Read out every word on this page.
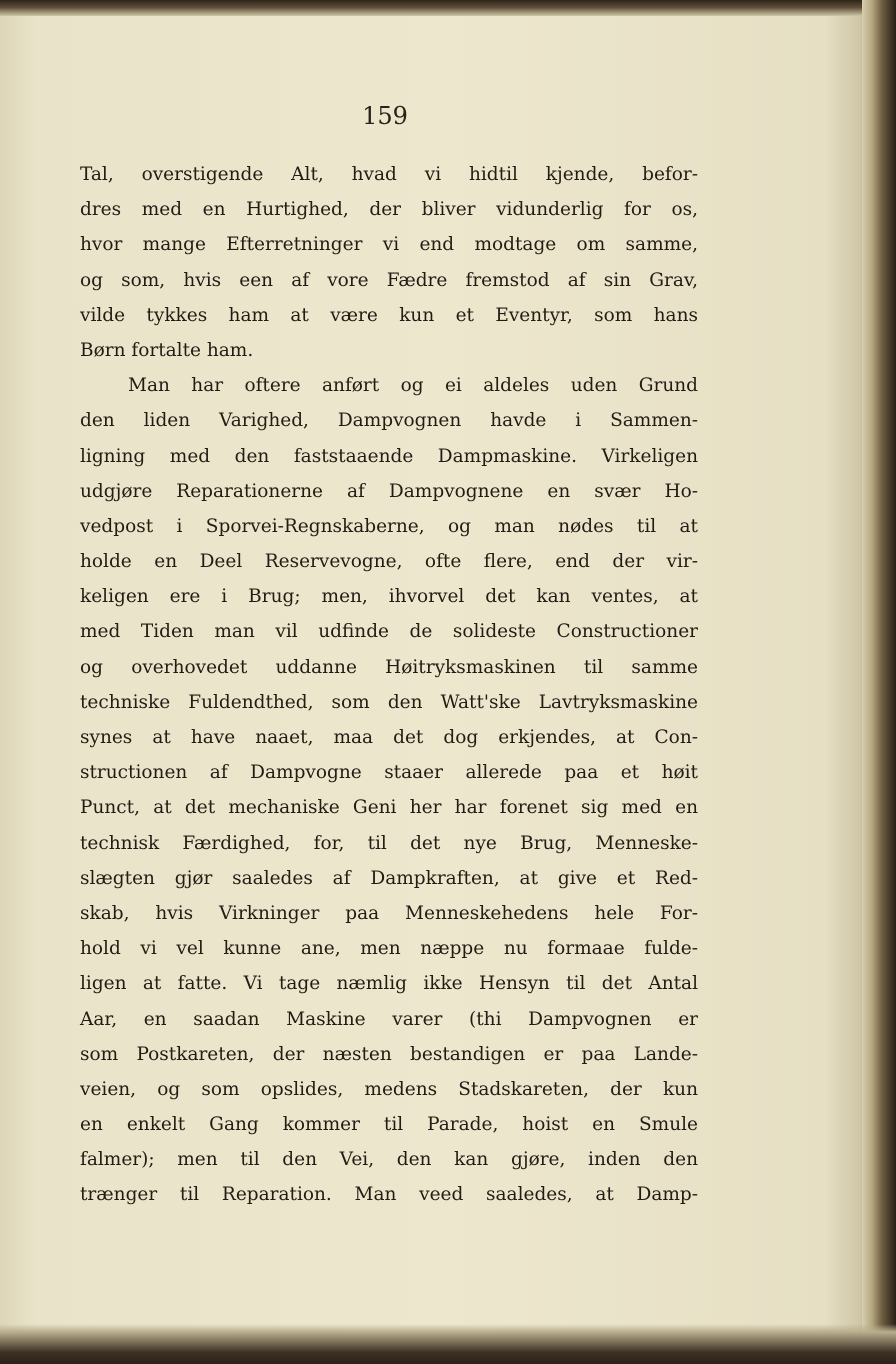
159
Tal, overstigende Alt, hvad vi hidtil kjende, befor-
dres med en Hurtighed, der bliver vidunderlig for os,
hvor mange Efterretninger vi end modtage om samme,
og som, hvis een af vore Fædre fremstod af sin Grav,
vilde tykkes ham at være kun et Eventyr, som hans
Børn fortalte ham.
Man har oftere anført og ei aldeles uden Grund
den liden Varighed, Dampvognen havde i Sammen-
ligning med den faststaaende Dampmaskine. Virkeligen
udgjøre Reparationerne af Dampvognene en svær Ho-
vedpost i Sporvei-Regnskaberne, og man nødes til at
holde en Deel Reservevogne, ofte flere, end der vir-
keligen ere i Brug; men, ihvorvel det kan ventes, at
med Tiden man vil udfinde de solideste Constructioner
og overhovedet uddanne Høitryksmaskinen til samme
techniske Fuldendthed, som den Watt'ske Lavtryksmaskine
synes at have naaet, maa det dog erkjendes, at Con-
structionen af Dampvogne staaer allerede paa et høit
Punct, at det mechaniske Geni her har forenet sig med en
technisk Færdighed, for, til det nye Brug, Menneske-
slægten gjør saaledes af Dampkraften, at give et Red-
skab, hvis Virkninger paa Menneskehedens hele For-
hold vi vel kunne ane, men næppe nu formaae fulde-
ligen at fatte. Vi tage næmlig ikke Hensyn til det Antal
Aar, en saadan Maskine varer (thi Dampvognen er
som Postkareten, der næsten bestandigen er paa Lande-
veien, og som opslides, medens Stadskareten, der kun
en enkelt Gang kommer til Parade, hoist en Smule
falmer); men til den Vei, den kan gjøre, inden den
trænger til Reparation. Man veed saaledes, at Damp-
